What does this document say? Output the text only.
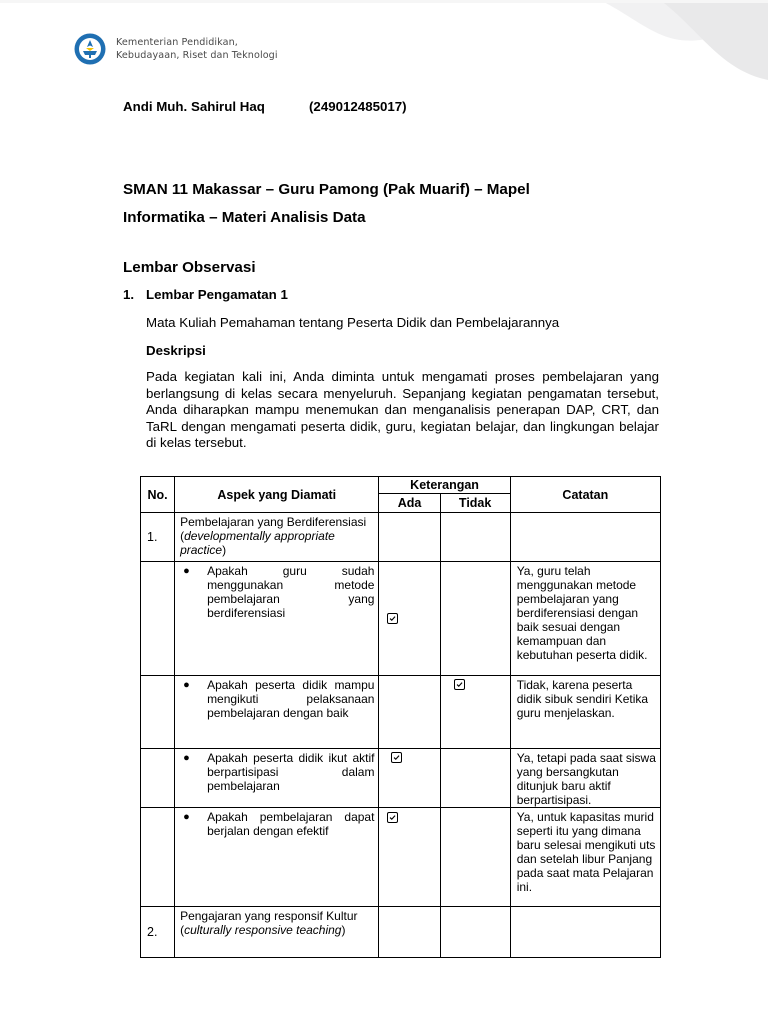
Kementerian Pendidikan,
Kebudayaan, Riset dan Teknologi
Andi Muh. Sahirul Haq	(249012485017)
SMAN 11 Makassar – Guru Pamong (Pak Muarif) – Mapel
Informatika – Materi Analisis Data
Lembar Observasi
1. Lembar Pengamatan 1
Mata Kuliah Pemahaman tentang Peserta Didik dan Pembelajarannya
Deskripsi
Pada kegiatan kali ini, Anda diminta untuk mengamati proses pembelajaran yang berlangsung di kelas secara menyeluruh. Sepanjang kegiatan pengamatan tersebut, Anda diharapkan mampu menemukan dan menganalisis penerapan DAP, CRT, dan TaRL dengan mengamati peserta didik, guru, kegiatan belajar, dan lingkungan belajar di kelas tersebut.
No.	Aspek yang Diamati	Keterangan		Catatan
		Ada	Tidak	
1.	Pembelajaran yang Berdiferensiasi (developmentally appropriate practice)			

	● Apakah guru sudah menggunakan metode pembelajaran yang berdiferensiasi			Ya, guru telah menggunakan metode pembelajaran yang berdiferensiasi dengan baik sesuai dengan kemampuan dan kebutuhan peserta didik.

	● Apakah peserta didik mampu mengikuti pelaksanaan pembelajaran dengan baik			Tidak, karena peserta didik sibuk sendiri Ketika guru menjelaskan.

	● Apakah peserta didik ikut aktif berpartisipasi dalam pembelajaran			Ya, tetapi pada saat siswa yang bersangkutan ditunjuk baru aktif berpartisipasi.

	● Apakah pembelajaran dapat berjalan dengan efektif			Ya, untuk kapasitas murid seperti itu yang dimana baru selesai mengikuti uts dan setelah libur Panjang pada saat mata Pelajaran ini.
2.	Pengajaran yang responsif Kultur (culturally responsive teaching)			
